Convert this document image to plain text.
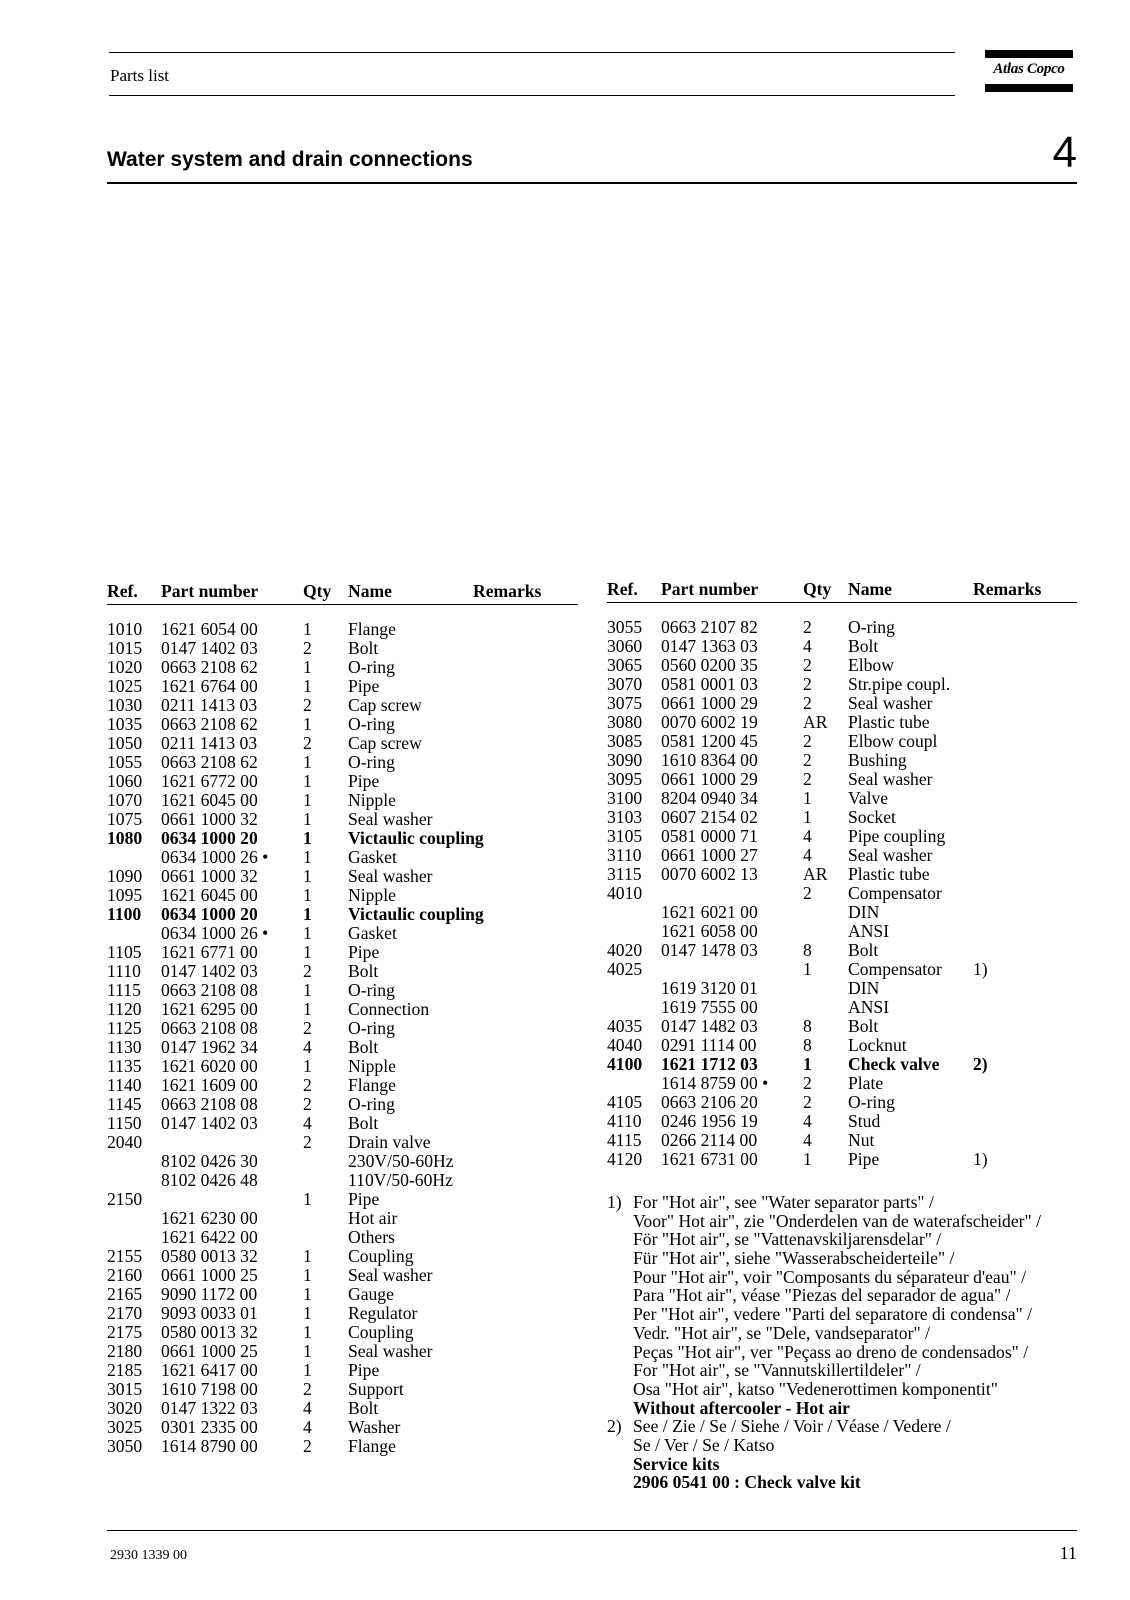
Parts list	Atlas Copco
Water system and drain connections	4
Ref. Part number	Qty Name	Remarks
1010 1621 6054 00	1 Flange
1015 0147 1402 03	2 Bolt
1020 0663 2108 62	1 O-ring
1025 1621 6764 00	1 Pipe
1030 0211 1413 03	2 Cap screw
1035 0663 2108 62	1 O-ring
1050 0211 1413 03	2 Cap screw
1055 0663 2108 62	1 O-ring
1060 1621 6772 00	1 Pipe
1070 1621 6045 00	1 Nipple
1075 0661 1000 32	1 Seal washer
1080 0634 1000 20	1 Victaulic coupling
0634 1000 26 • 1 Gasket
1090 0661 1000 32	1 Seal washer
1095 1621 6045 00	1 Nipple
1100 0634 1000 20	1 Victaulic coupling
0634 1000 26 • 1 Gasket
1105 1621 6771 00	1 Pipe
1110 0147 1402 03	2 Bolt
1115 0663 2108 08	1 O-ring
1120 1621 6295 00	1 Connection
1125 0663 2108 08	2 O-ring
1130 0147 1962 34	4 Bolt
1135 1621 6020 00	1 Nipple
1140 1621 1609 00	2 Flange
1145 0663 2108 08	2 O-ring
1150 0147 1402 03	4 Bolt
2040	2 Drain valve
8102 0426 30	230V/50-60Hz
8102 0426 48	110V/50-60Hz
2150	1 Pipe
1621 6230 00	Hot air
1621 6422 00	Others
2155 0580 0013 32	1 Coupling
2160 0661 1000 25	1 Seal washer
2165 9090 1172 00	1 Gauge
2170 9093 0033 01	1 Regulator
2175 0580 0013 32	1 Coupling
2180 0661 1000 25	1 Seal washer
2185 1621 6417 00	1 Pipe
3015 1610 7198 00	2 Support
3020 0147 1322 03	4 Bolt
3025 0301 2335 00	4 Washer
3050 1614 8790 00	2 Flange
Ref. Part number	Qty Name	Remarks
3055 0663 2107 82	2 O-ring
3060 0147 1363 03	4 Bolt
3065 0560 0200 35	2 Elbow
3070 0581 0001 03	2 Str.pipe coupl.
3075 0661 1000 29	2 Seal washer
3080 0070 6002 19	AR Plastic tube
3085 0581 1200 45	2 Elbow coupl
3090 1610 8364 00	2 Bushing
3095 0661 1000 29	2 Seal washer
3100 8204 0940 34	1 Valve
3103 0607 2154 02	1 Socket
3105 0581 0000 71	4 Pipe coupling
3110 0661 1000 27	4 Seal washer
3115 0070 6002 13	AR Plastic tube
4010	2 Compensator
1621 6021 00	DIN
1621 6058 00	ANSI
4020 0147 1478 03	8 Bolt
4025	1 Compensator 1)
1619 3120 01	DIN
1619 7555 00	ANSI
4035 0147 1482 03	8 Bolt
4040 0291 1114 00	8 Locknut
4100 1621 1712 03	1 Check valve 2)
1614 8759 00 • 2 Plate
4105 0663 2106 20	2 O-ring
4110 0246 1956 19	4 Stud
4115 0266 2114 00	4 Nut
4120 1621 6731 00	1 Pipe	1)
1) For "Hot air", see "Water separator parts" /
Voor" Hot air", zie "Onderdelen van de waterafscheider" /
För "Hot air", se "Vattenavskiljarensdelar" /
Für "Hot air", siehe "Wasserabscheiderteile" /
Pour "Hot air", voir "Composants du séparateur d'eau" /
Para "Hot air", véase "Piezas del separador de agua" /
Per "Hot air", vedere "Parti del separatore di condensa" /
Vedr. "Hot air", se "Dele, vandseparator" /
Peças "Hot air", ver "Peçass ao dreno de condensados" /
For "Hot air", se "Vannutskillertildeler" /
Osa "Hot air", katso "Vedenerottimen komponentit"
Without aftercooler - Hot air
2) See / Zie / Se / Siehe / Voir / Véase / Vedere /
Se / Ver / Se / Katso
Service kits
2906 0541 00 : Check valve kit
2930 1339 00	11
